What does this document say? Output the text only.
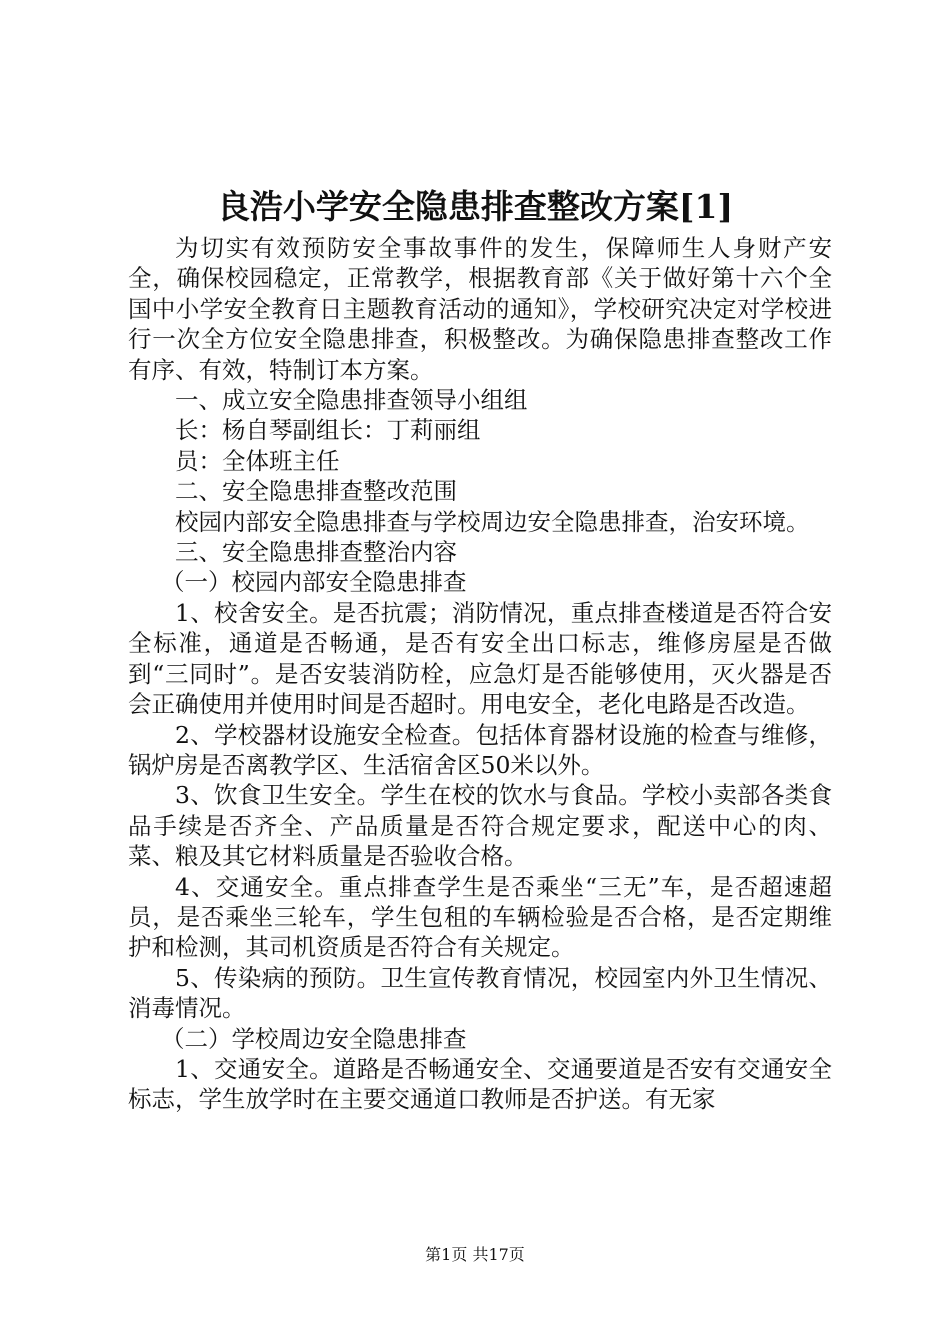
良浩小学安全隐患排查整改方案[1]

为切实有效预防安全事故事件的发生，保障师生人身财产安全，确保校园稳定，正常教学，根据教育部《关于做好第十六个全国中小学安全教育日主题教育活动的通知》，学校研究决定对学校进行一次全方位安全隐患排查，积极整改。为确保隐患排查整改工作有序、有效，特制订本方案。

一、成立安全隐患排查领导小组组

长：杨自琴副组长：丁莉丽组

员：全体班主任

二、安全隐患排查整改范围

校园内部安全隐患排查与学校周边安全隐患排查，治安环境。

三、安全隐患排查整治内容

（一）校园内部安全隐患排查

1、校舍安全。是否抗震；消防情况，重点排查楼道是否符合安全标准，通道是否畅通，是否有安全出口标志，维修房屋是否做到“三同时”。是否安装消防栓，应急灯是否能够使用，灭火器是否会正确使用并使用时间是否超时。用电安全，老化电路是否改造。

2、学校器材设施安全检查。包括体育器材设施的检查与维修，锅炉房是否离教学区、生活宿舍区50米以外。

3、饮食卫生安全。学生在校的饮水与食品。学校小卖部各类食品手续是否齐全、产品质量是否符合规定要求，配送中心的肉、菜、粮及其它材料质量是否验收合格。

4、交通安全。重点排查学生是否乘坐“三无”车，是否超速超员，是否乘坐三轮车，学生包租的车辆检验是否合格，是否定期维护和检测，其司机资质是否符合有关规定。

5、传染病的预防。卫生宣传教育情况，校园室内外卫生情况、消毒情况。

（二）学校周边安全隐患排查

1、交通安全。道路是否畅通安全、交通要道是否安有交通安全标志，学生放学时在主要交通道口教师是否护送。有无家

第1页 共17页
